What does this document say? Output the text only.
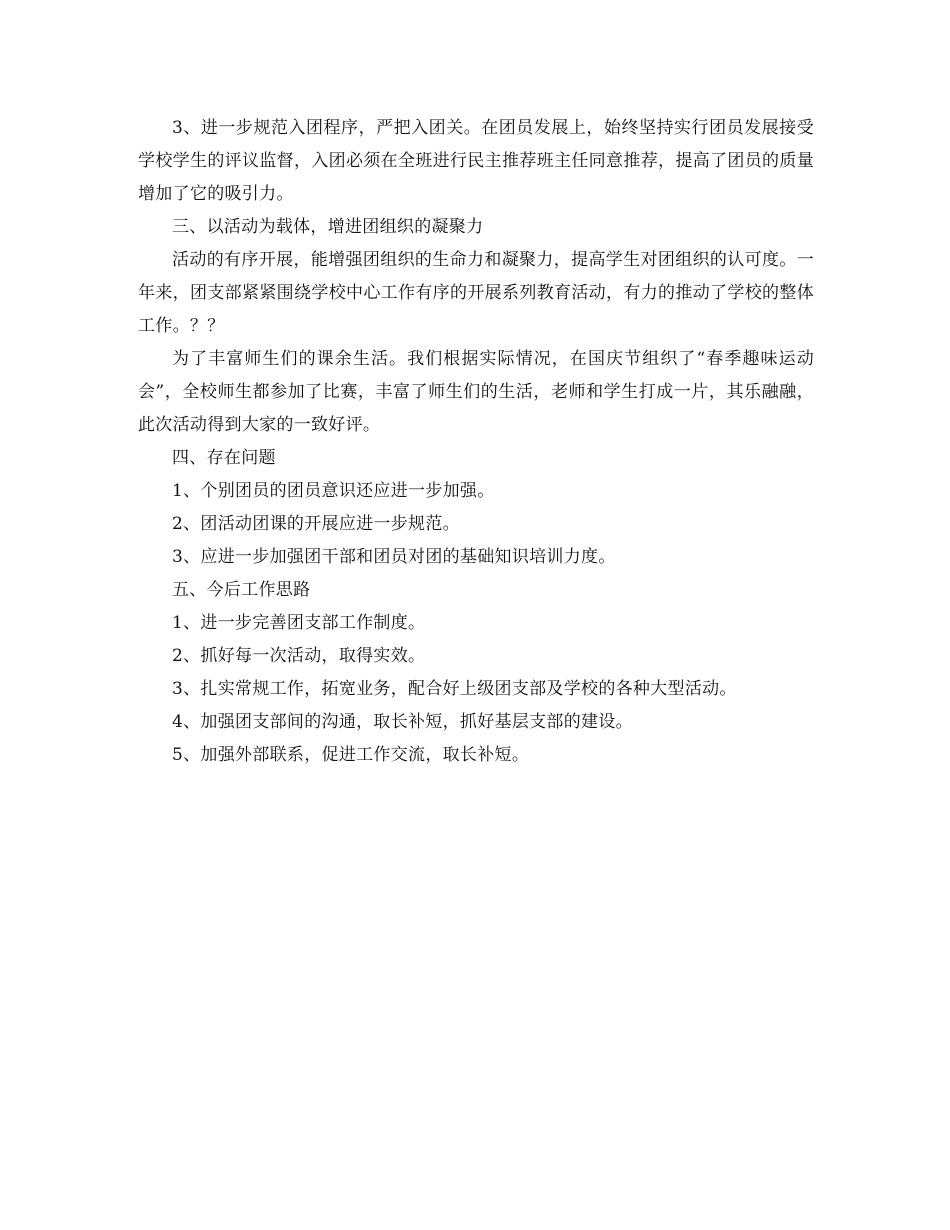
3、进一步规范入团程序，严把入团关。在团员发展上，始终坚持实行团员发展接受学校学生的评议监督，入团必须在全班进行民主推荐班主任同意推荐，提高了团员的质量增加了它的吸引力。

三、以活动为载体，增进团组织的凝聚力

活动的有序开展，能增强团组织的生命力和凝聚力，提高学生对团组织的认可度。一年来，团支部紧紧围绕学校中心工作有序的开展系列教育活动，有力的推动了学校的整体工作。？？

为了丰富师生们的课余生活。我们根据实际情况，在国庆节组织了“春季趣味运动会”，全校师生都参加了比赛，丰富了师生们的生活，老师和学生打成一片，其乐融融，此次活动得到大家的一致好评。

四、存在问题

1、个别团员的团员意识还应进一步加强。

2、团活动团课的开展应进一步规范。

3、应进一步加强团干部和团员对团的基础知识培训力度。

五、今后工作思路

1、进一步完善团支部工作制度。

2、抓好每一次活动，取得实效。

3、扎实常规工作，拓宽业务，配合好上级团支部及学校的各种大型活动。

4、加强团支部间的沟通，取长补短，抓好基层支部的建设。

5、加强外部联系，促进工作交流，取长补短。
